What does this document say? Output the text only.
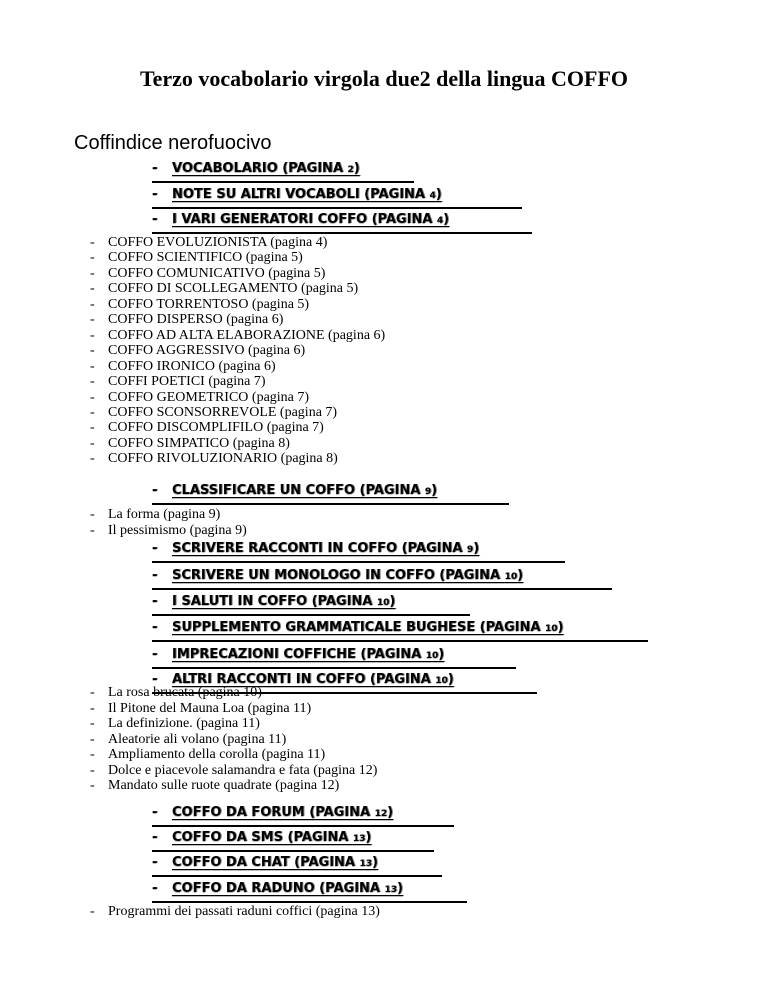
Terzo vocabolario virgola due2 della lingua COFFO
Coffindice nerofuocivo
- VOCABOLARIO (PAGINA 2)
- NOTE SU ALTRI VOCABOLI (PAGINA 4)
- I VARI GENERATORI COFFO (PAGINA 4)
- CLASSIFICARE UN COFFO (PAGINA 9)
- SCRIVERE RACCONTI IN COFFO (PAGINA 9)
- SCRIVERE UN MONOLOGO IN COFFO (PAGINA 10)
- I SALUTI IN COFFO (PAGINA 10)
- SUPPLEMENTO GRAMMATICALE BUGHESE (PAGINA 10)
- IMPRECAZIONI COFFICHE (PAGINA 10)
- ALTRI RACCONTI IN COFFO (PAGINA 10)
- COFFO DA FORUM (PAGINA 12)
- COFFO DA SMS (PAGINA 13)
- COFFO DA CHAT (PAGINA 13)
- COFFO DA RADUNO (PAGINA 13)
- COFFO EVOLUZIONISTA (pagina 4)
- COFFO SCIENTIFICO (pagina 5)
- COFFO COMUNICATIVO (pagina 5)
- COFFO DI SCOLLEGAMENTO (pagina 5)
- COFFO TORRENTOSO (pagina 5)
- COFFO DISPERSO (pagina 6)
- COFFO AD ALTA ELABORAZIONE (pagina 6)
- COFFO AGGRESSIVO (pagina 6)
- COFFO IRONICO (pagina 6)
- COFFI POETICI (pagina 7)
- COFFO GEOMETRICO (pagina 7)
- COFFO SCONSORREVOLE (pagina 7)
- COFFO DISCOMPLIFILO (pagina 7)
- COFFO SIMPATICO (pagina 8)
- COFFO RIVOLUZIONARIO (pagina 8)
- La forma (pagina 9)
- Il pessimismo (pagina 9)
- La rosa brucata (pagina 10)
- Il Pitone del Mauna Loa (pagina 11)
- La definizione. (pagina 11)
- Aleatorie ali volano (pagina 11)
- Ampliamento della corolla (pagina 11)
- Dolce e piacevole salamandra e fata (pagina 12)
- Mandato sulle ruote quadrate (pagina 12)
- Programmi dei passati raduni coffici (pagina 13)
